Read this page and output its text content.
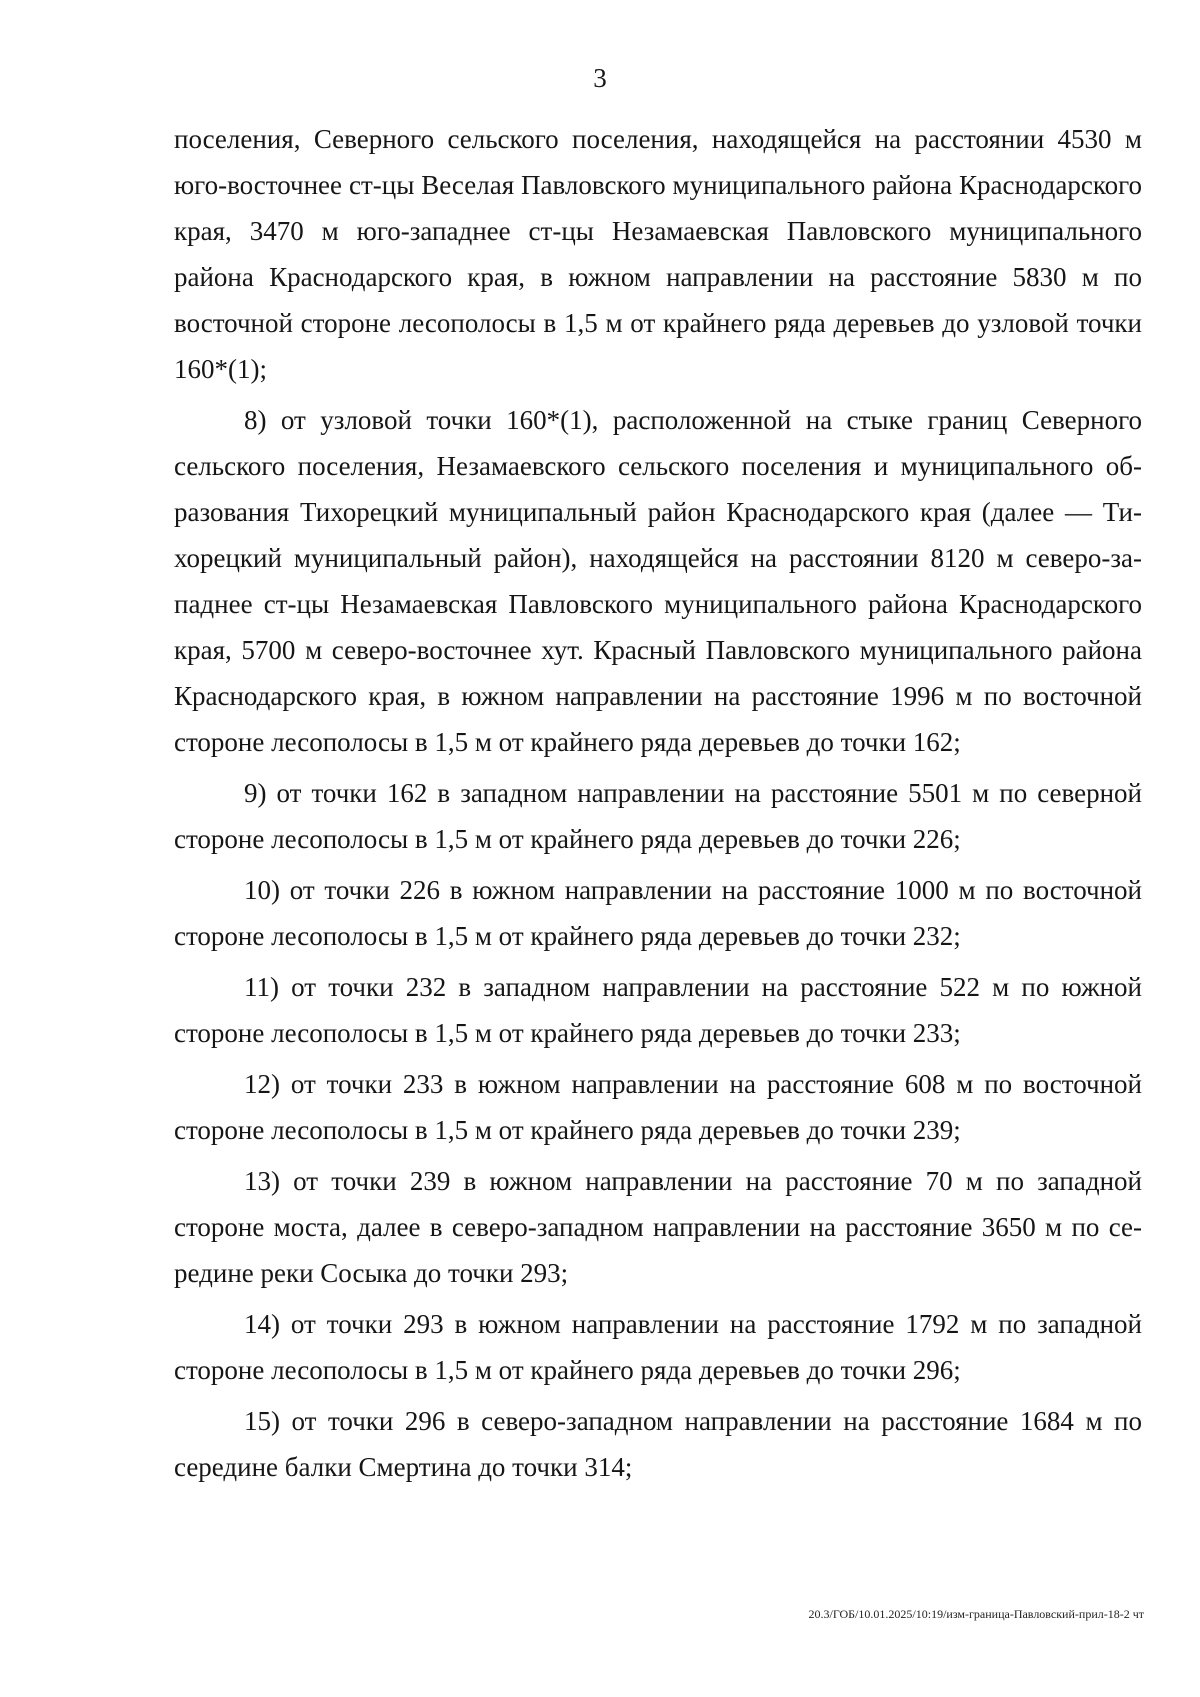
3

поселения, Северного сельского поселения, находящейся на расстоянии 4530 м юго-восточнее ст-цы Веселая Павловского муниципального района Краснодарского края, 3470 м юго-западнее ст-цы Незамаевская Павловского муниципального района Краснодарского края, в южном направлении на расстояние 5830 м по восточной стороне лесополосы в 1,5 м от крайнего ряда деревьев до узловой точки 160*(1);

8) от узловой точки 160*(1), расположенной на стыке границ Северного сельского поселения, Незамаевского сельского поселения и муниципального образования Тихорецкий муниципальный район Краснодарского края (далее — Тихорецкий муниципальный район), находящейся на расстоянии 8120 м северо-западнее ст-цы Незамаевская Павловского муниципального района Краснодарского края, 5700 м северо-восточнее хут. Красный Павловского муниципального района Краснодарского края, в южном направлении на расстояние 1996 м по восточной стороне лесополосы в 1,5 м от крайнего ряда деревьев до точки 162;

9) от точки 162 в западном направлении на расстояние 5501 м по северной стороне лесополосы в 1,5 м от крайнего ряда деревьев до точки 226;

10) от точки 226 в южном направлении на расстояние 1000 м по восточной стороне лесополосы в 1,5 м от крайнего ряда деревьев до точки 232;

11) от точки 232 в западном направлении на расстояние 522 м по южной стороне лесополосы в 1,5 м от крайнего ряда деревьев до точки 233;

12) от точки 233 в южном направлении на расстояние 608 м по восточной стороне лесополосы в 1,5 м от крайнего ряда деревьев до точки 239;

13) от точки 239 в южном направлении на расстояние 70 м по западной стороне моста, далее в северо-западном направлении на расстояние 3650 м по середине реки Сосыка до точки 293;

14) от точки 293 в южном направлении на расстояние 1792 м по западной стороне лесополосы в 1,5 м от крайнего ряда деревьев до точки 296;

15) от точки 296 в северо-западном направлении на расстояние 1684 м по середине балки Смертина до точки 314;

20.3/ГОБ/10.01.2025/10:19/изм-граница-Павловский-прил-18-2 чт
